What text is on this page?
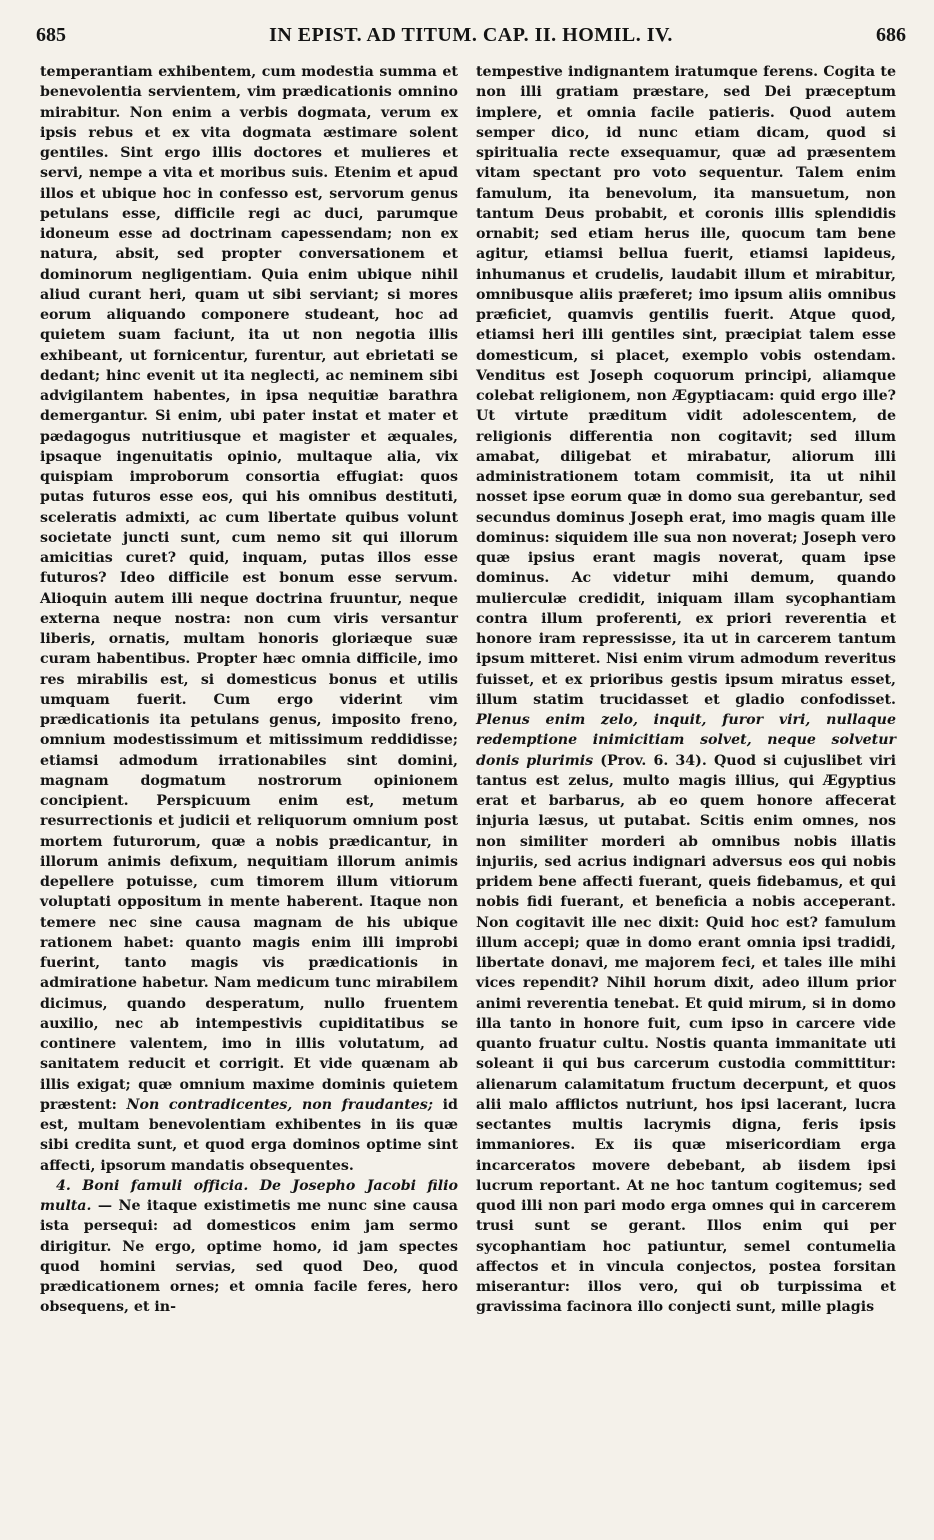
685	IN EPIST. AD TITUM. CAP. II. HOMIL. IV.	686

temperantiam exhibentem, cum modestia summa et benevolentia servientem, vim prædicationis omnino mirabitur. Non enim a verbis dogmata, verum ex ipsis rebus et ex vita dogmata æstimare solent gentiles. Sint ergo illis doctores et mulieres et servi, nempe a vita et moribus suis. Etenim et apud illos et ubique hoc in confesso est, servorum genus petulans esse, difficile regi ac duci, parumque idoneum esse ad doctrinam capessendam; non ex natura, absit, sed propter conversationem et dominorum negligentiam. Quia enim ubique nihil aliud curant heri, quam ut sibi serviant; si mores eorum aliquando componere studeant, hoc ad quietem suam faciunt, ita ut non negotia illis exhibeant, ut fornicentur, furentur, aut ebrietati se dedant; hinc evenit ut ita neglecti, ac neminem sibi advigilantem habentes, in ipsa nequitiæ barathra demergantur. Si enim, ubi pater instat et mater et pædagogus nutritiusque et magister et æquales, ipsaque ingenuitatis opinio, multaque alia, vix quispiam improborum consortia effugiat: quos putas futuros esse eos, qui his omnibus destituti, sceleratis admixti, ac cum libertate quibus volunt societate juncti sunt, cum nemo sit qui illorum amicitias curet? quid, inquam, putas illos esse futuros? Ideo difficile est bonum esse servum. Alioquin autem illi neque doctrina fruuntur, neque externa neque nostra: non cum viris versantur liberis, ornatis, multam honoris gloriæque suæ curam habentibus. Propter hæc omnia difficile, imo res mirabilis est, si domesticus bonus et utilis umquam fuerit. Cum ergo viderint vim prædicationis ita petulans genus, imposito freno, omnium modestissimum et mitissimum reddidisse; etiamsi admodum irrationabiles sint domini, magnam dogmatum nostrorum opinionem concipient. Perspicuum enim est, metum resurrectionis et judicii et reliquorum omnium post mortem futurorum, quæ a nobis prædicantur, in illorum animis defixum, nequitiam illorum animis depellere potuisse, cum timorem illum vitiorum voluptati oppositum in mente haberent. Itaque non temere nec sine causa magnam de his ubique rationem habet: quanto magis enim illi improbi fuerint, tanto magis vis prædicationis in admiratione habetur. Nam medicum tunc mirabilem dicimus, quando desperatum, nullo fruentem auxilio, nec ab intempestivis cupiditatibus se continere valentem, imo in illis volutatum, ad sanitatem reducit et corrigit. Et vide quænam ab illis exigat; quæ omnium maxime dominis quietem præstent: Non contradicentes, non fraudantes; id est, multam benevolentiam exhibentes in iis quæ sibi credita sunt, et quod erga dominos optime sint affecti, ipsorum mandatis obsequentes.

4. Boni famuli officia. De Josepho Jacobi filio multa. — Ne itaque existimetis me nunc sine causa ista persequi: ad domesticos enim jam sermo dirigitur. Ne ergo, optime homo, id jam spectes quod homini servias, sed quod Deo, quod prædicationem ornes; et omnia facile feres, hero obsequens, et in-

tempestive indignantem iratumque ferens. Cogita te non illi gratiam præstare, sed Dei præceptum implere, et omnia facile patieris. Quod autem semper dico, id nunc etiam dicam, quod si spiritualia recte exsequamur, quæ ad præsentem vitam spectant pro voto sequentur. Talem enim famulum, ita benevolum, ita mansuetum, non tantum Deus probabit, et coronis illis splendidis ornabit; sed etiam herus ille, quocum tam bene agitur, etiamsi bellua fuerit, etiamsi lapideus, inhumanus et crudelis, laudabit illum et mirabitur, omnibusque aliis præferet; imo ipsum aliis omnibus præficiet, quamvis gentilis fuerit. Atque quod, etiamsi heri illi gentiles sint, præcipiat talem esse domesticum, si placet, exemplo vobis ostendam. Venditus est Joseph coquorum principi, aliamque colebat religionem, non Ægyptiacam: quid ergo ille? Ut virtute præditum vidit adolescentem, de religionis differentia non cogitavit; sed illum amabat, diligebat et mirabatur, aliorum illi administrationem totam commisit, ita ut nihil nosset ipse eorum quæ in domo sua gerebantur, sed secundus dominus Joseph erat, imo magis quam ille dominus: siquidem ille sua non noverat; Joseph vero quæ ipsius erant magis noverat, quam ipse dominus. Ac videtur mihi demum, quando mulierculæ credidit, iniquam illam sycophantiam contra illum proferenti, ex priori reverentia et honore iram repressisse, ita ut in carcerem tantum ipsum mitteret. Nisi enim virum admodum reveritus fuisset, et ex prioribus gestis ipsum miratus esset, illum statim trucidasset et gladio confodisset. Plenus enim zelo, inquit, furor viri, nullaque redemptione inimicitiam solvet, neque solvetur donis plurimis (Prov. 6. 34). Quod si cujuslibet viri tantus est zelus, multo magis illius, qui Ægyptius erat et barbarus, ab eo quem honore affecerat injuria læsus, ut putabat. Scitis enim omnes, nos non similiter morderi ab omnibus nobis illatis injuriis, sed acrius indignari adversus eos qui nobis pridem bene affecti fuerant, queis fidebamus, et qui nobis fidi fuerant, et beneficia a nobis acceperant. Non cogitavit ille nec dixit: Quid hoc est? famulum illum accepi; quæ in domo erant omnia ipsi tradidi, libertate donavi, me majorem feci, et tales ille mihi vices rependit? Nihil horum dixit, adeo illum prior animi reverentia tenebat. Et quid mirum, si in domo illa tanto in honore fuit, cum ipso in carcere vide quanto fruatur cultu. Nostis quanta immanitate uti soleant ii qui bus carcerum custodia committitur: alienarum calamitatum fructum decerpunt, et quos alii malo afflictos nutriunt, hos ipsi lacerant, lucra sectantes multis lacrymis digna, feris ipsis immaniores. Ex iis quæ misericordiam erga incarceratos movere debebant, ab iisdem ipsi lucrum reportant. At ne hoc tantum cogitemus; sed quod illi non pari modo erga omnes qui in carcerem trusi sunt se gerant. Illos enim qui per sycophantiam hoc patiuntur, semel contumelia affectos et in vincula conjectos, postea forsitan miserantur: illos vero, qui ob turpissima et gravissima facinora illo conjecti sunt, mille plagis
